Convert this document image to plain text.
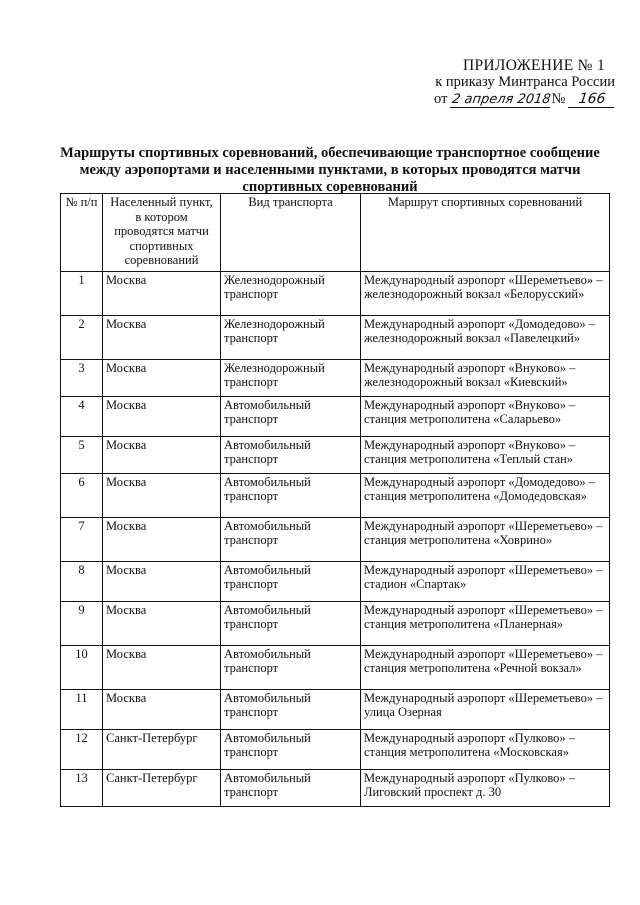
ПРИЛОЖЕНИЕ № 1
к приказу Минтранса России
от 2 апреля 2018№ 166
Маршруты спортивных соревнований, обеспечивающие транспортное сообщение между аэропортами и населенными пунктами, в которых проводятся матчи спортивных соревнований
№ п/п	Населенный пункт, в котором проводятся матчи спортивных соревнований	Вид транспорта	Маршрут спортивных соревнований
1	Москва	Железнодорожный транспорт	Международный аэропорт «Шереметьево» – железнодорожный вокзал «Белорусский»
2	Москва	Железнодорожный транспорт	Международный аэропорт «Домодедово» – железнодорожный вокзал «Павелецкий»
3	Москва	Железнодорожный транспорт	Международный аэропорт «Внуково» – железнодорожный вокзал «Киевский»
4	Москва	Автомобильный транспорт	Международный аэропорт «Внуково» – станция метрополитена «Саларьево»
5	Москва	Автомобильный транспорт	Международный аэропорт «Внуково» – станция метрополитена «Теплый стан»
6	Москва	Автомобильный транспорт	Международный аэропорт «Домодедово» – станция метрополитена «Домодедовская»
7	Москва	Автомобильный транспорт	Международный аэропорт «Шереметьево» – станция метрополитена «Ховрино»
8	Москва	Автомобильный транспорт	Международный аэропорт «Шереметьево» – стадион «Спартак»
9	Москва	Автомобильный транспорт	Международный аэропорт «Шереметьево» – станция метрополитена «Планерная»
10	Москва	Автомобильный транспорт	Международный аэропорт «Шереметьево» – станция метрополитена «Речной вокзал»
11	Москва	Автомобильный транспорт	Международный аэропорт «Шереметьево» – улица Озерная
12	Санкт-Петербург	Автомобильный транспорт	Международный аэропорт «Пулково» – станция метрополитена «Московская»
13	Санкт-Петербург	Автомобильный транспорт	Международный аэропорт «Пулково» – Лиговский проспект д. 30
